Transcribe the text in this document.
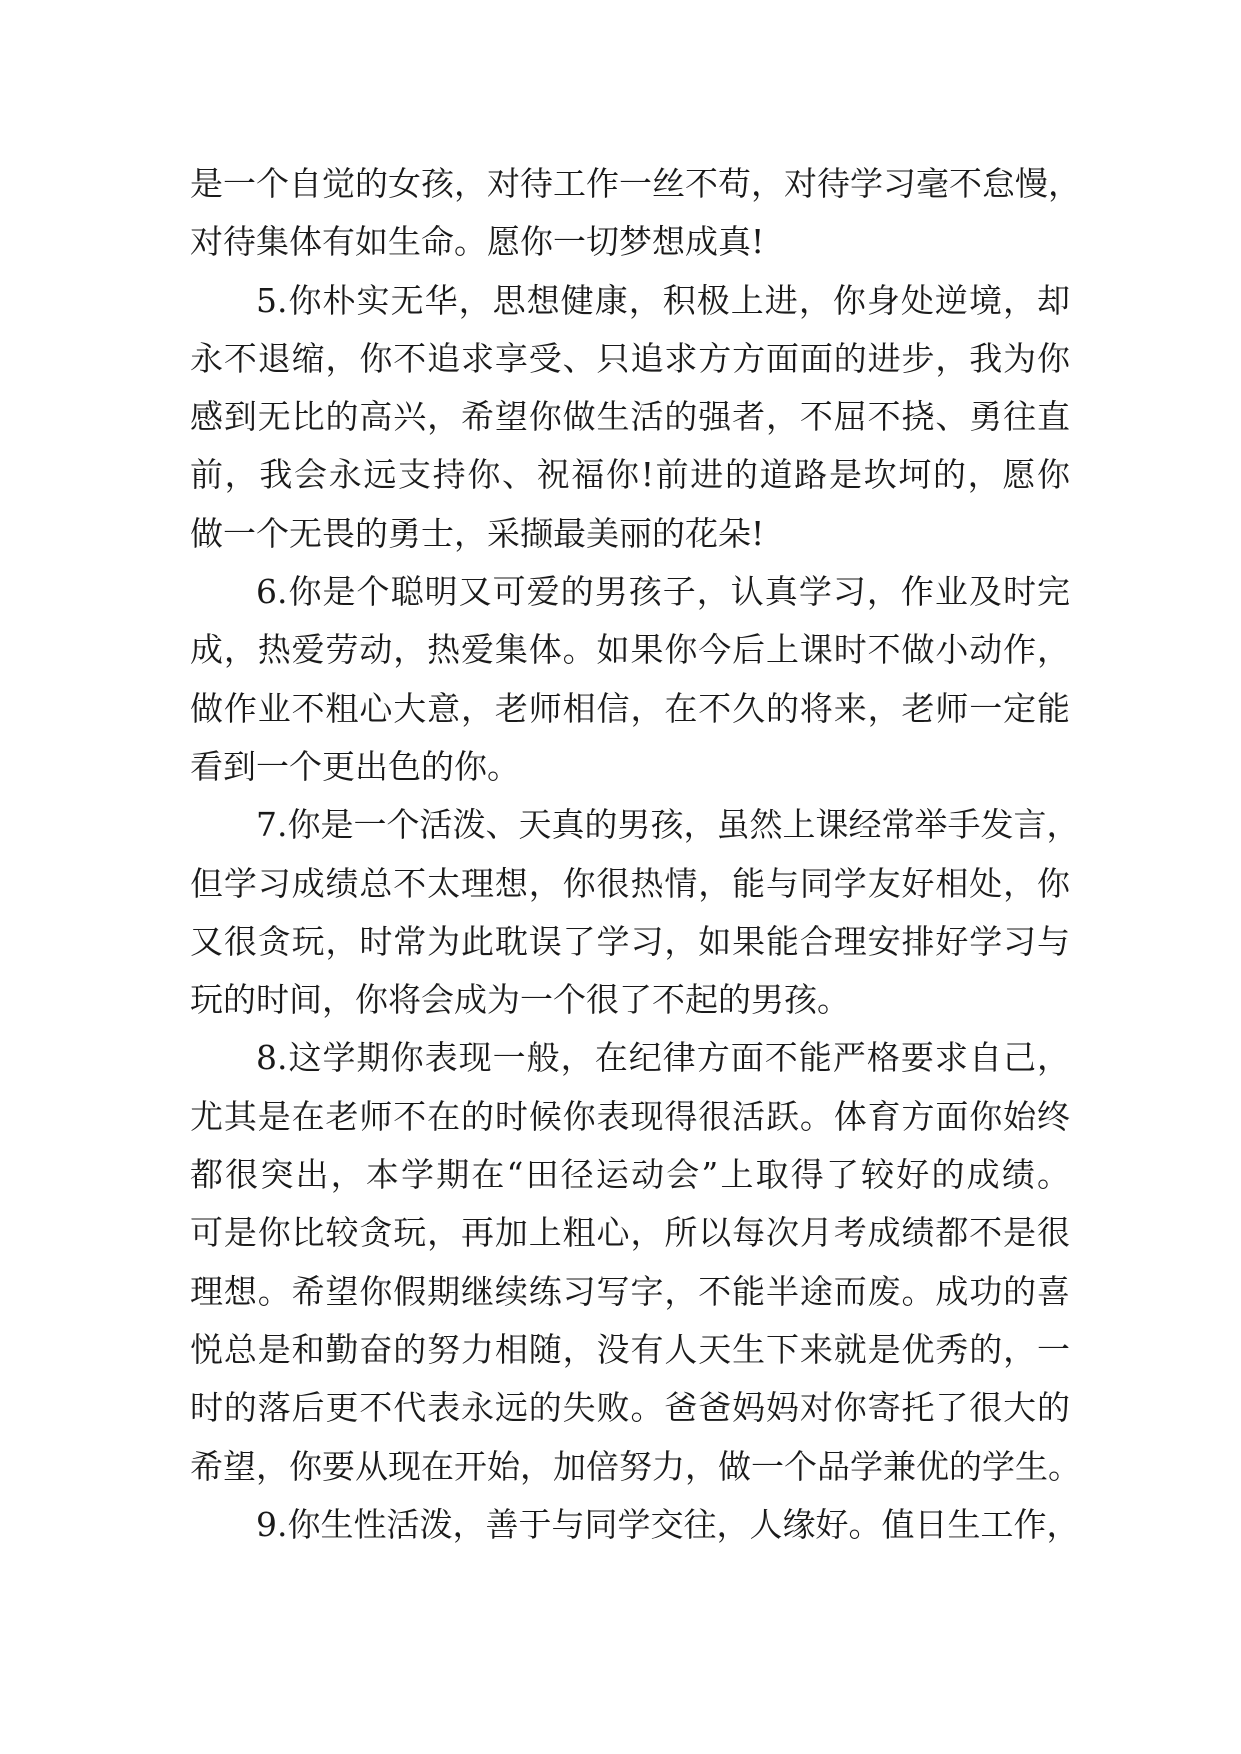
是一个自觉的女孩，对待工作一丝不苟，对待学习毫不怠慢，
对待集体有如生命。愿你一切梦想成真!
5.你朴实无华，思想健康，积极上进，你身处逆境，却
永不退缩，你不追求享受、只追求方方面面的进步，我为你
感到无比的高兴，希望你做生活的强者，不屈不挠、勇往直
前，我会永远支持你、祝福你!前进的道路是坎坷的，愿你
做一个无畏的勇士，采撷最美丽的花朵!
6.你是个聪明又可爱的男孩子，认真学习，作业及时完
成，热爱劳动，热爱集体。如果你今后上课时不做小动作，
做作业不粗心大意，老师相信，在不久的将来，老师一定能
看到一个更出色的你。
7.你是一个活泼、天真的男孩，虽然上课经常举手发言，
但学习成绩总不太理想，你很热情，能与同学友好相处，你
又很贪玩，时常为此耽误了学习，如果能合理安排好学习与
玩的时间，你将会成为一个很了不起的男孩。
8.这学期你表现一般，在纪律方面不能严格要求自己，
尤其是在老师不在的时候你表现得很活跃。体育方面你始终
都很突出，本学期在“田径运动会”上取得了较好的成绩。
可是你比较贪玩，再加上粗心，所以每次月考成绩都不是很
理想。希望你假期继续练习写字，不能半途而废。成功的喜
悦总是和勤奋的努力相随，没有人天生下来就是优秀的，一
时的落后更不代表永远的失败。爸爸妈妈对你寄托了很大的
希望，你要从现在开始，加倍努力，做一个品学兼优的学生。
9.你生性活泼，善于与同学交往，人缘好。值日生工作，
